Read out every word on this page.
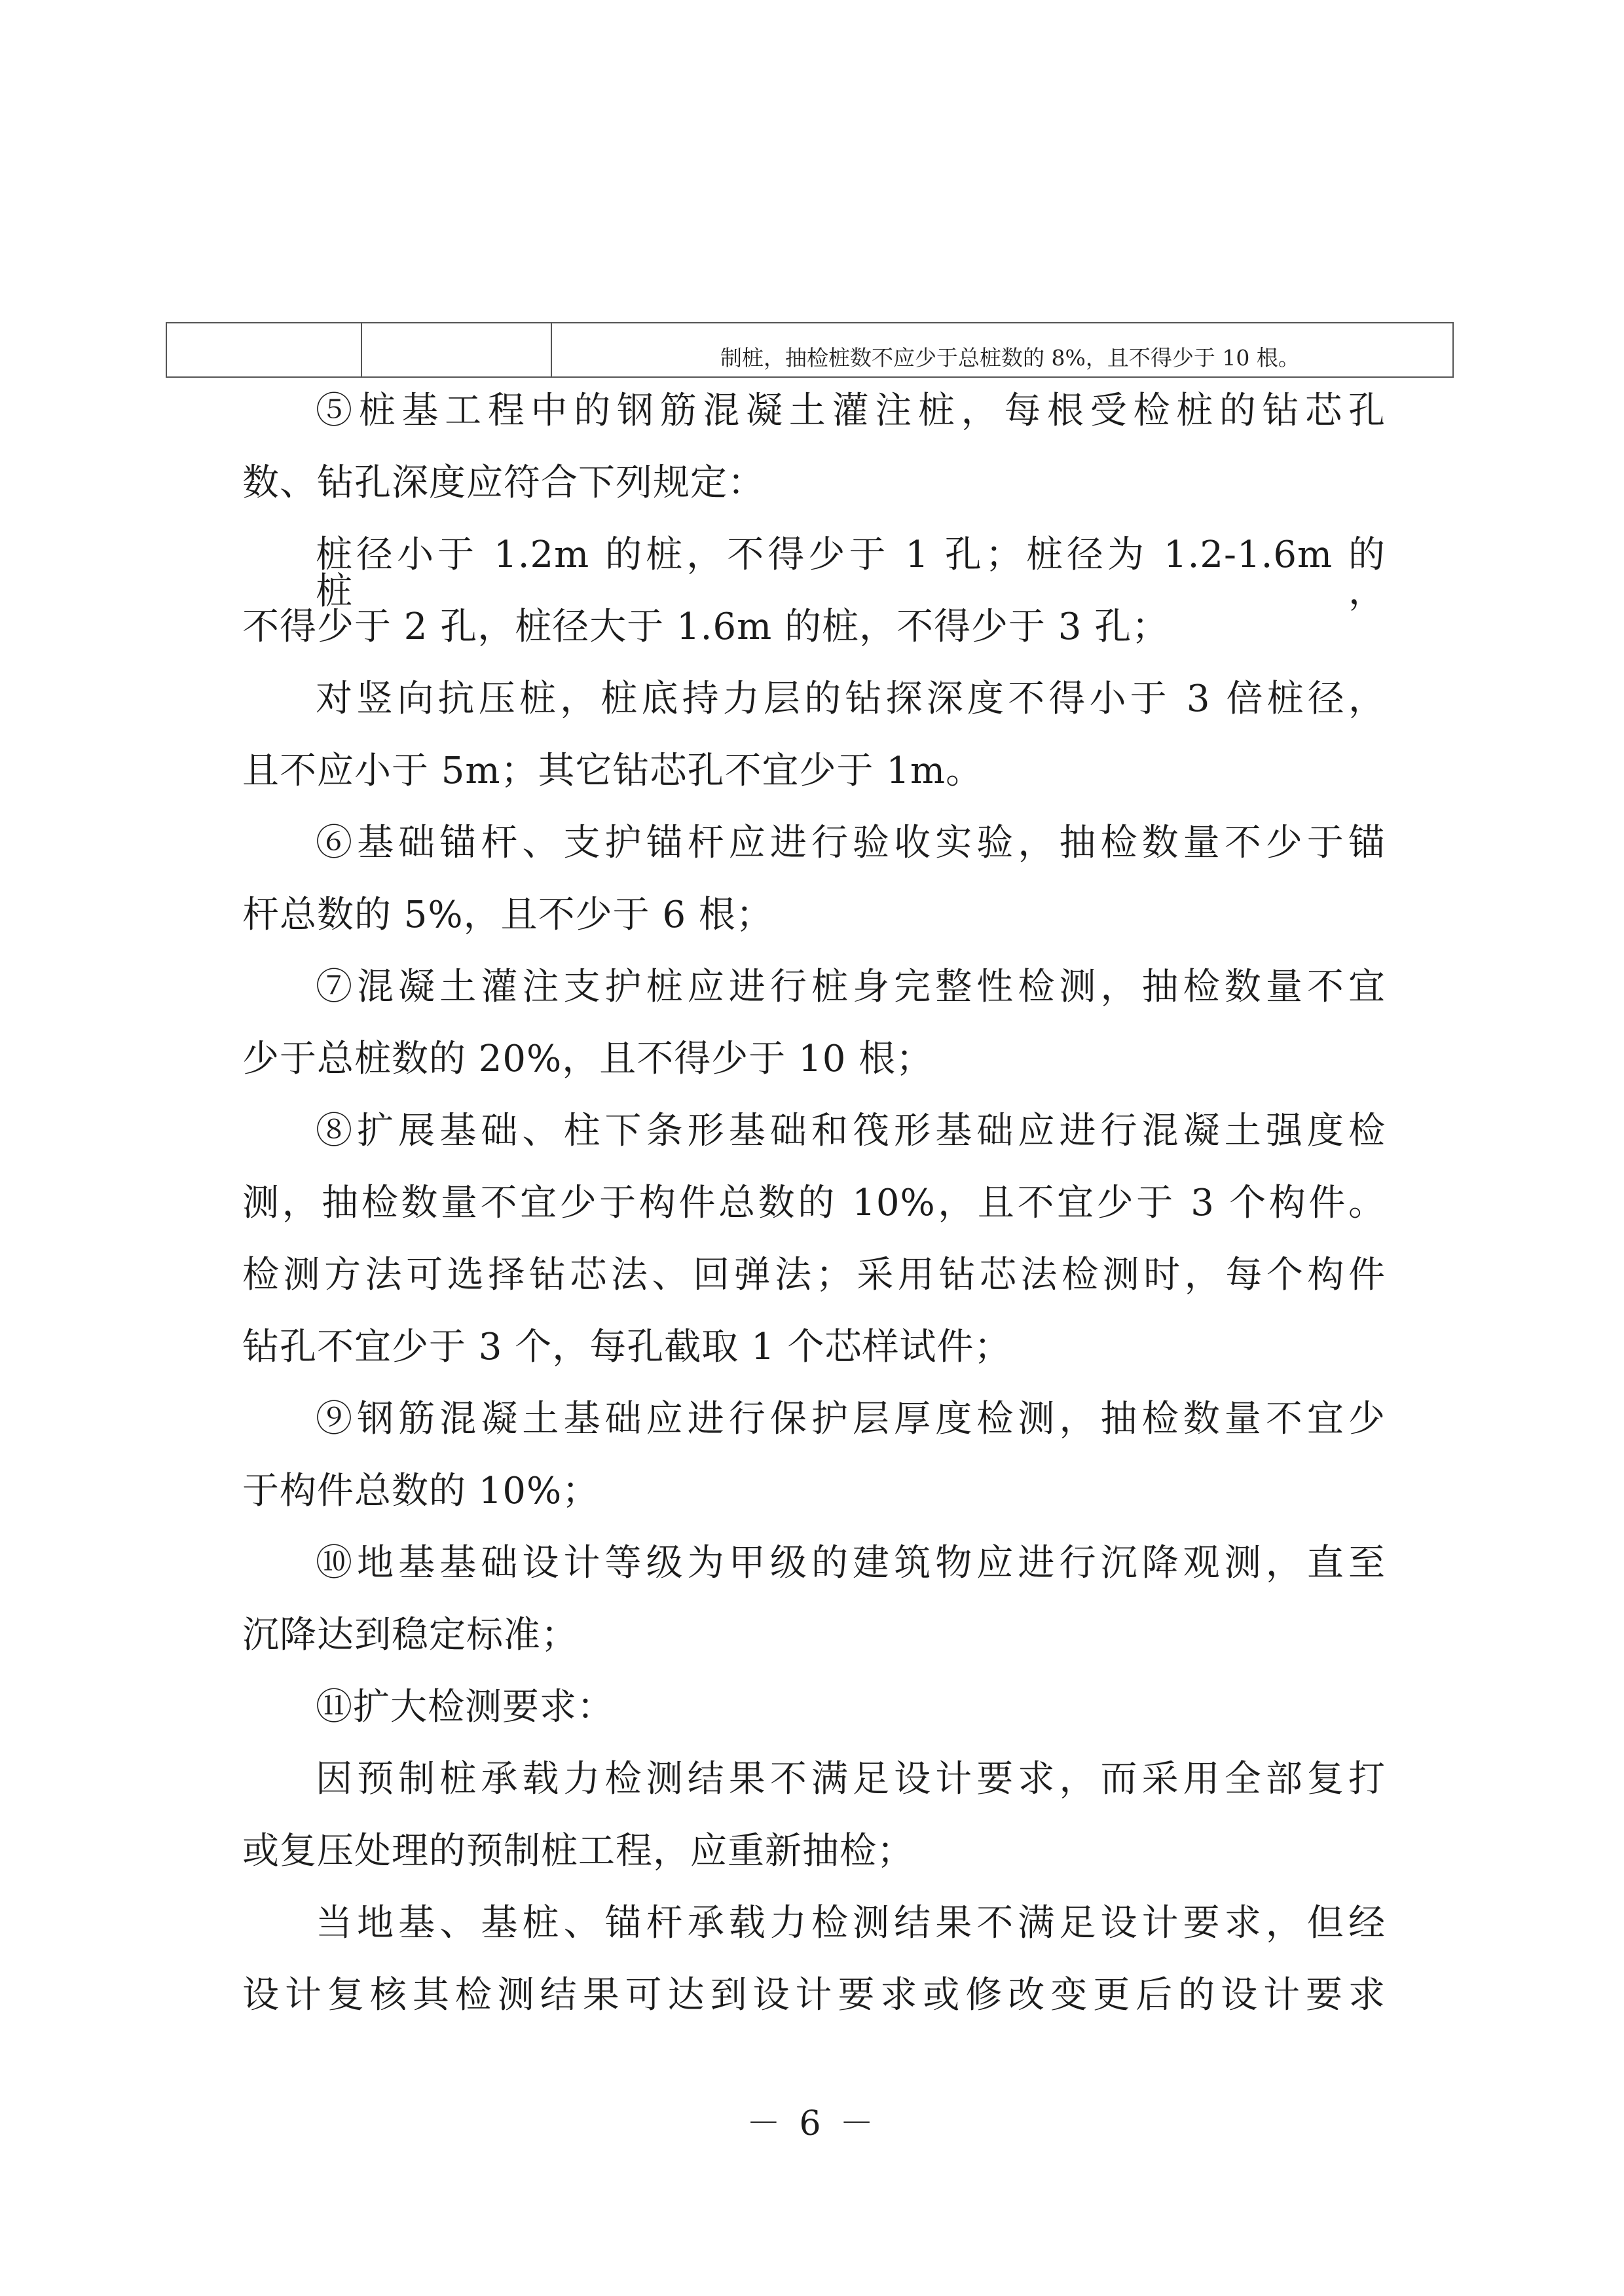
制桩，抽检桩数不应少于总桩数的 8%，且不得少于 10 根。
⑤桩基工程中的钢筋混凝土灌注桩，每根受检桩的钻芯孔
数、钻孔深度应符合下列规定：
桩径小于 1.2m 的桩，不得少于 1 孔；桩径为 1.2-1.6m 的桩，
不得少于 2 孔，桩径大于 1.6m 的桩，不得少于 3 孔；
对竖向抗压桩，桩底持力层的钻探深度不得小于 3 倍桩径，
且不应小于 5m；其它钻芯孔不宜少于 1m。
⑥基础锚杆、支护锚杆应进行验收实验，抽检数量不少于锚
杆总数的 5%，且不少于 6 根；
⑦混凝土灌注支护桩应进行桩身完整性检测，抽检数量不宜
少于总桩数的 20%，且不得少于 10 根；
⑧扩展基础、柱下条形基础和筏形基础应进行混凝土强度检
测，抽检数量不宜少于构件总数的 10%，且不宜少于 3 个构件。
检测方法可选择钻芯法、回弹法；采用钻芯法检测时，每个构件
钻孔不宜少于 3 个，每孔截取 1 个芯样试件；
⑨钢筋混凝土基础应进行保护层厚度检测，抽检数量不宜少
于构件总数的 10%；
⑩地基基础设计等级为甲级的建筑物应进行沉降观测，直至
沉降达到稳定标准；
⑪扩大检测要求：
因预制桩承载力检测结果不满足设计要求，而采用全部复打
或复压处理的预制桩工程，应重新抽检；
当地基、基桩、锚杆承载力检测结果不满足设计要求，但经
设计复核其检测结果可达到设计要求或修改变更后的设计要求
－ 6 －
